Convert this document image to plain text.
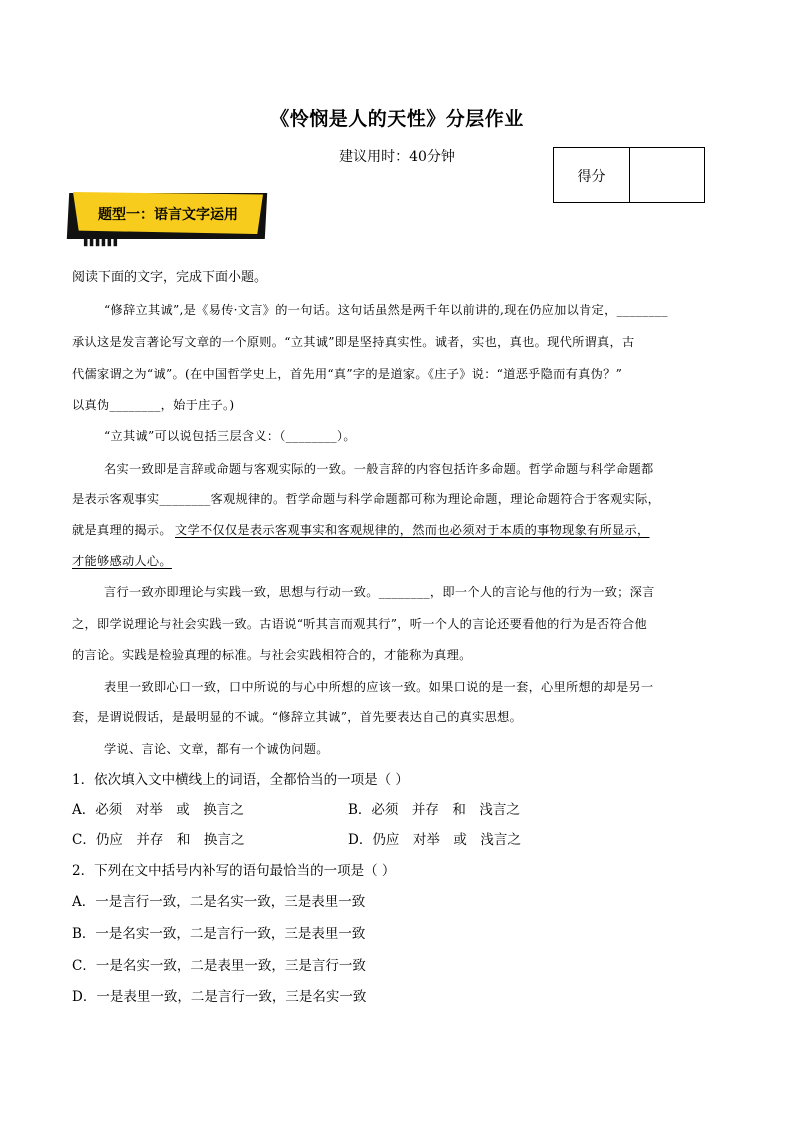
《怜悯是人的天性》分层作业
建议用时：40分钟
得分
题型一：语言文字运用
▌▌▌▌▌▌
阅读下面的文字，完成下面小题。
“修辞立其诚”,是《易传·文言》的一句话。这句话虽然是两千年以前讲的,现在仍应加以肯定，________
承认这是发言著论写文章的一个原则。“立其诚”即是坚持真实性。诚者，实也，真也。现代所谓真，古
代儒家谓之为“诚”。(在中国哲学史上，首先用“真”字的是道家。《庄子》说：“道恶乎隐而有真伪？”
以真伪________，始于庄子。)
“立其诚”可以说包括三层含义：（________）。
名实一致即是言辞或命题与客观实际的一致。一般言辞的内容包括许多命题。哲学命题与科学命题都
是表示客观事实________客观规律的。哲学命题与科学命题都可称为理论命题，理论命题符合于客观实际，
就是真理的揭示。 文学不仅仅是表示客观事实和客观规律的，然而也必须对于本质的事物现象有所显示，
才能够感动人心。
言行一致亦即理论与实践一致，思想与行动一致。________，即一个人的言论与他的行为一致；深言
之，即学说理论与社会实践一致。古语说“听其言而观其行”，听一个人的言论还要看他的行为是否符合他
的言论。实践是检验真理的标准。与社会实践相符合的，才能称为真理。
表里一致即心口一致，口中所说的与心中所想的应该一致。如果口说的是一套，心里所想的却是另一
套，是谓说假话，是最明显的不诚。“修辞立其诚”，首先要表达自己的真实思想。
学说、言论、文章，都有一个诚伪问题。
1．依次填入文中横线上的词语，全都恰当的一项是（ ）
A．必须　对举　或　换言之	B．必须　并存　和　浅言之
C．仍应　并存　和　换言之	D．仍应　对举　或　浅言之
2．下列在文中括号内补写的语句最恰当的一项是（ ）
A．一是言行一致，二是名实一致，三是表里一致
B．一是名实一致，二是言行一致，三是表里一致
C．一是名实一致，二是表里一致，三是言行一致
D．一是表里一致，二是言行一致，三是名实一致
